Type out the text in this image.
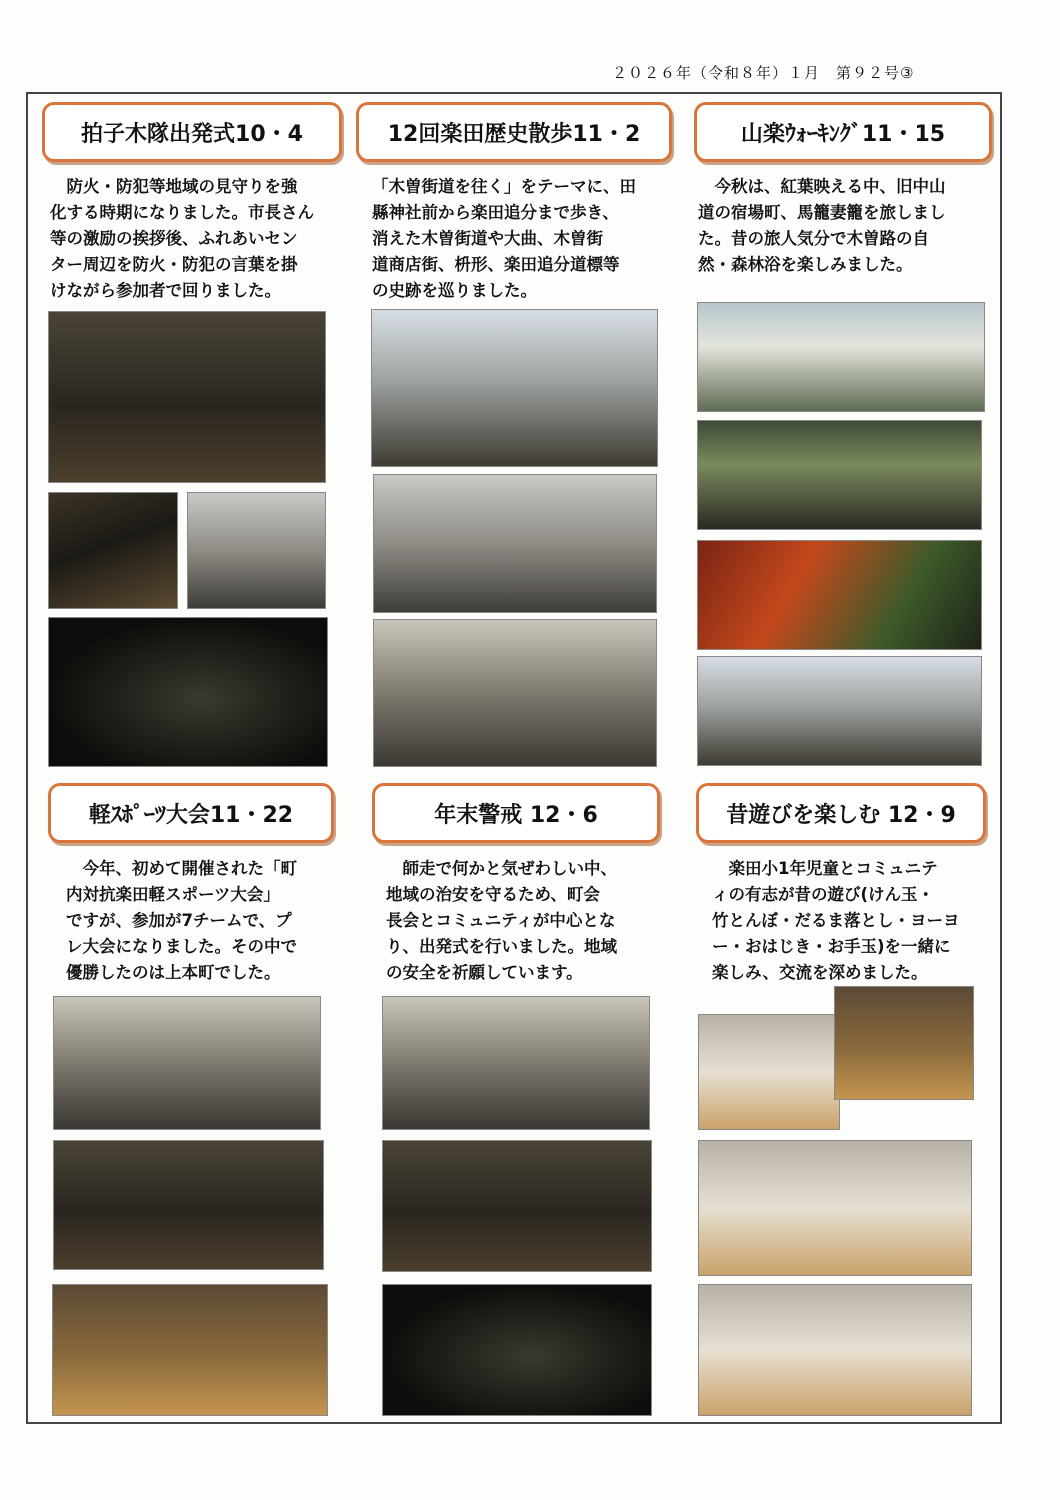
２０２６年（令和８年）１月　第９２号③
拍子木隊出発式10・4
防火・防犯等地域の見守りを強
化する時期になりました。市長さん
等の激励の挨拶後、ふれあいセン
ター周辺を防火・防犯の言葉を掛
けながら参加者で回りました。
12回楽田歴史散歩11・2
「木曽街道を往く」をテーマに、田
縣神社前から楽田追分まで歩き、
消えた木曽街道や大曲、木曽街
道商店街、枡形、楽田追分道標等
の史跡を巡りました。
山楽ｳｫｰｷﾝｸﾞ11・15
今秋は、紅葉映える中、旧中山
道の宿場町、馬籠妻籠を旅しまし
た。昔の旅人気分で木曽路の自
然・森林浴を楽しみました。
軽ｽﾎﾟｰﾂ大会11・22
今年、初めて開催された「町
内対抗楽田軽スポーツ大会」
ですが、参加が7チームで、プ
レ大会になりました。その中で
優勝したのは上本町でした。
年末警戒 12・6
師走で何かと気ぜわしい中、
地域の治安を守るため、町会
長会とコミュニティが中心とな
り、出発式を行いました。地域
の安全を祈願しています。
昔遊びを楽しむ 12・9
楽田小1年児童とコミュニテ
ィの有志が昔の遊び(けん玉・
竹とんぼ・だるま落とし・ヨーヨ
ー・おはじき・お手玉)を一緒に
楽しみ、交流を深めました。
